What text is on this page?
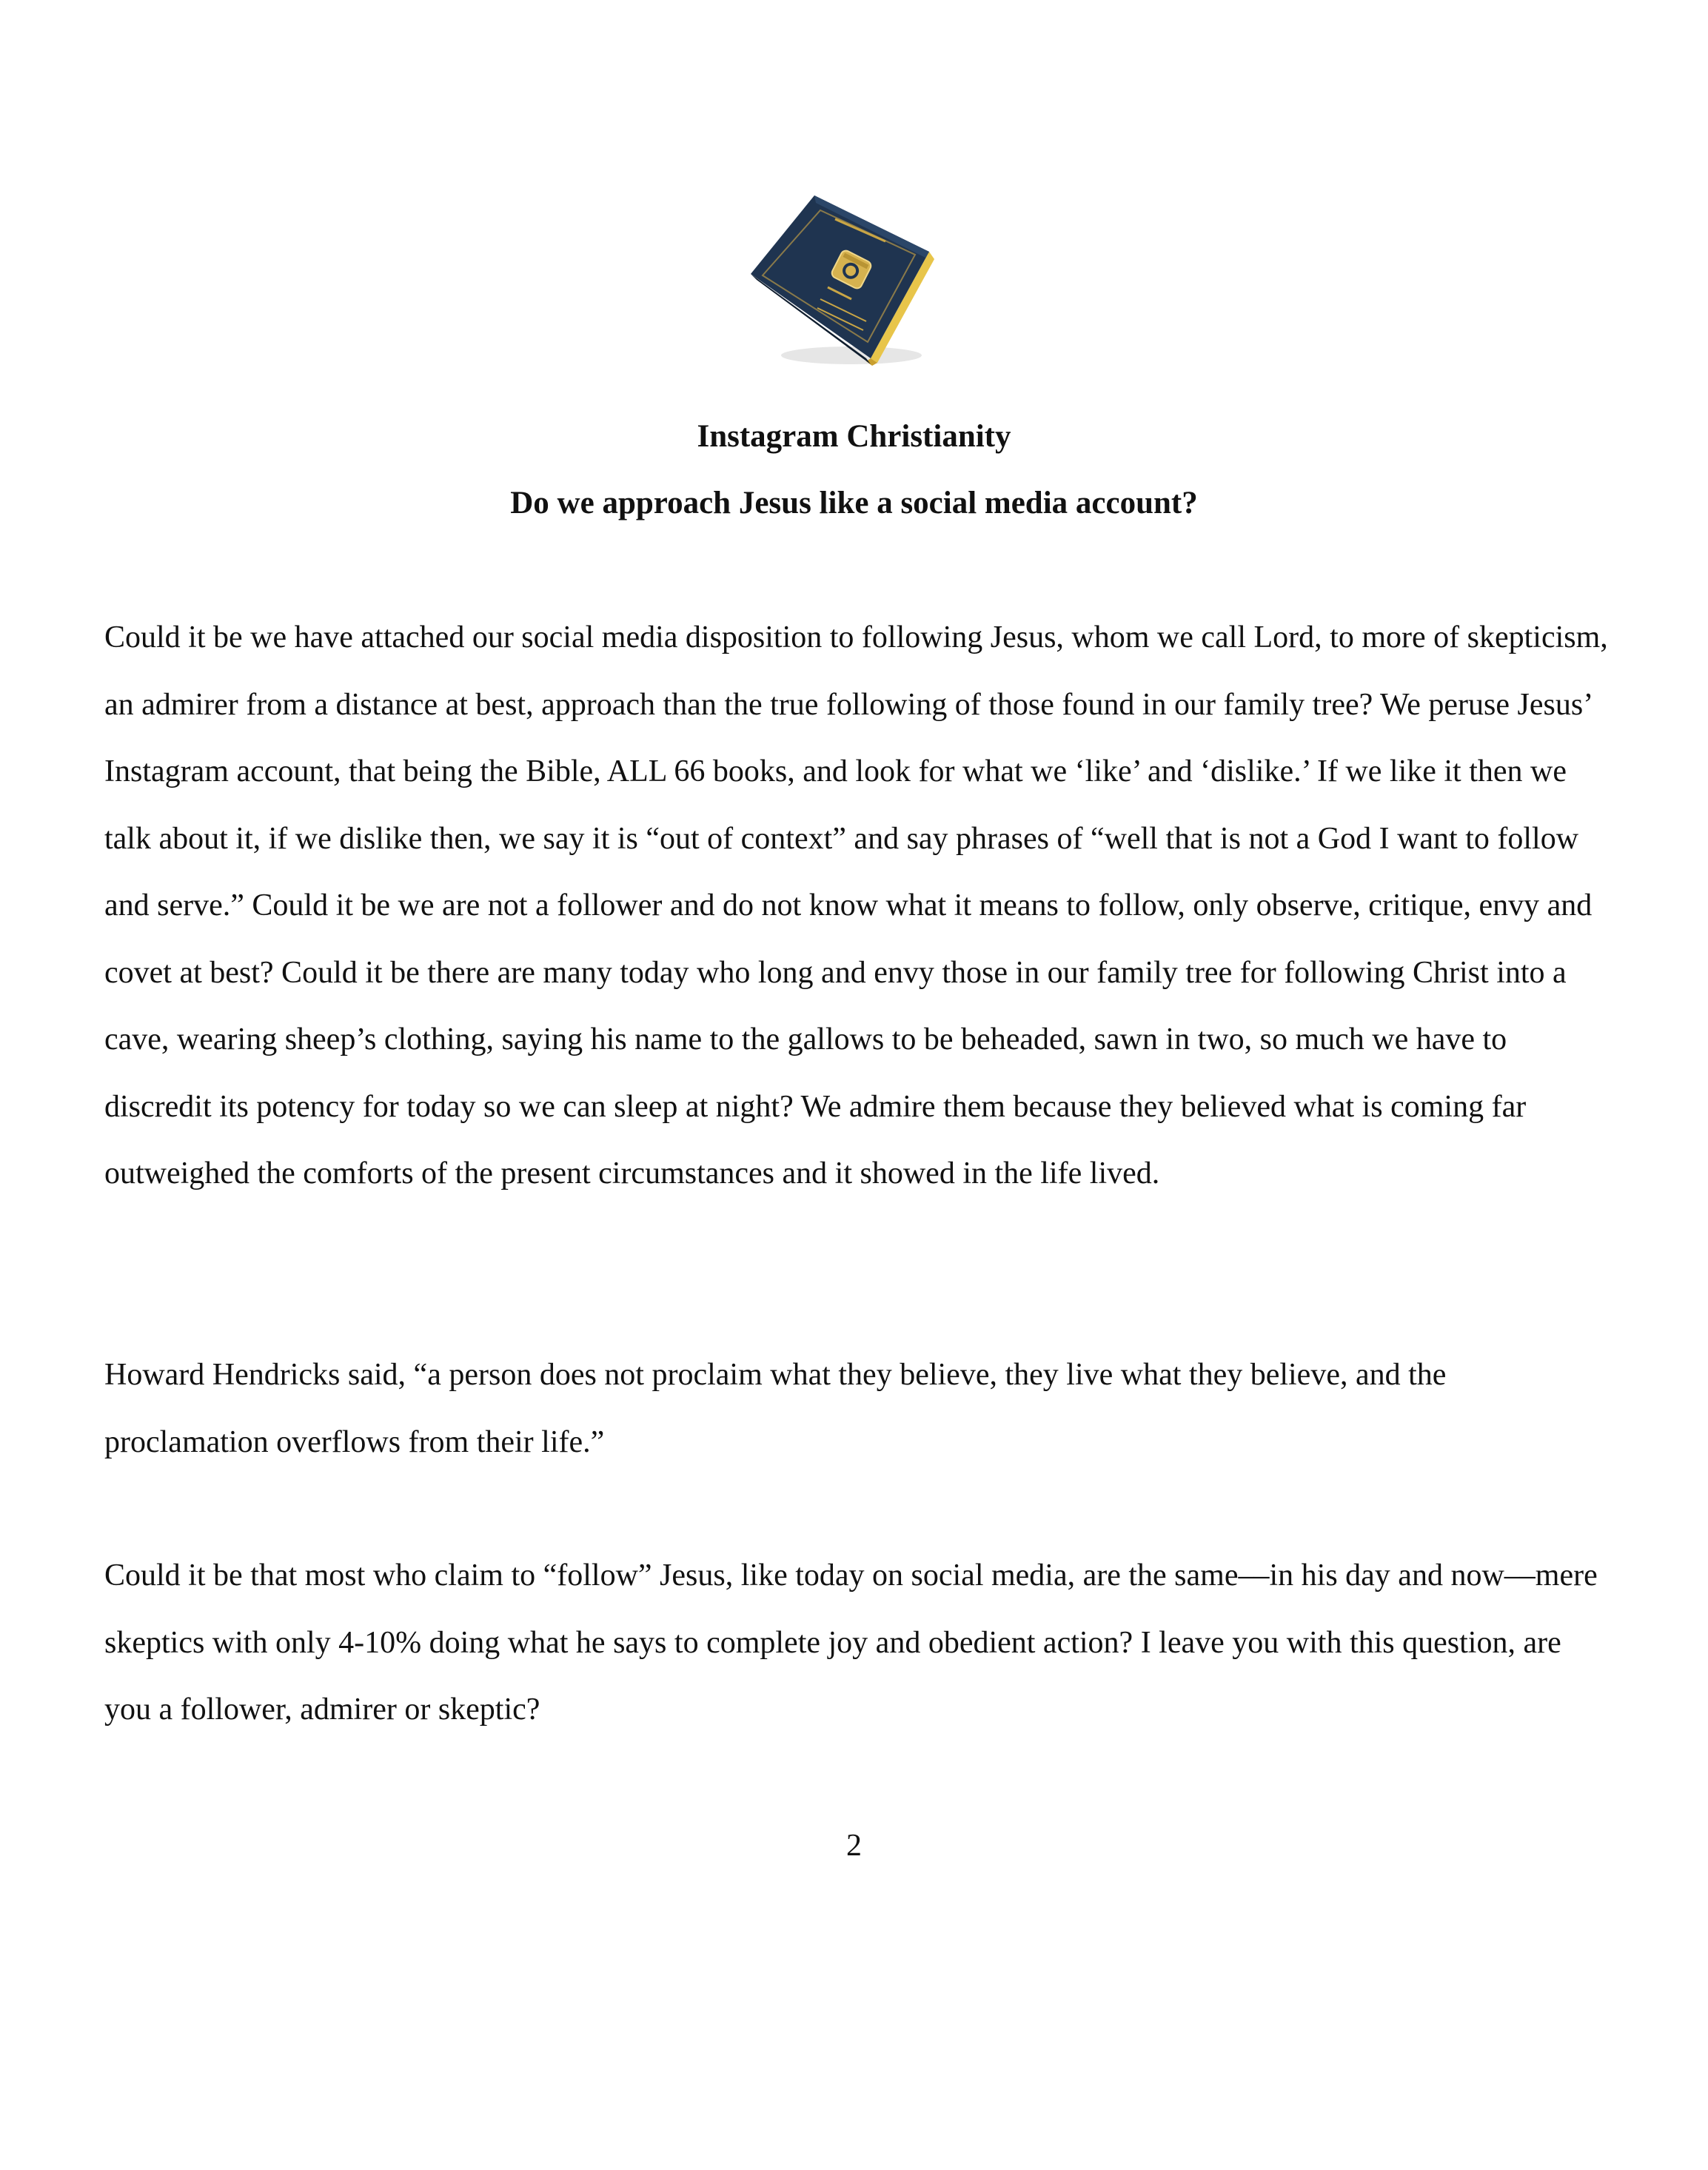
Instagram Christianity
Do we approach Jesus like a social media account?

Could it be we have attached our social media disposition to following Jesus, whom we call Lord, to more of skepticism, an admirer from a distance at best, approach than the true following of those found in our family tree? We peruse Jesus’ Instagram account, that being the Bible, ALL 66 books, and look for what we ‘like’ and ‘dislike.’ If we like it then we talk about it, if we dislike then, we say it is “out of context” and say phrases of “well that is not a God I want to follow and serve.” Could it be we are not a follower and do not know what it means to follow, only observe, critique, envy and covet at best? Could it be there are many today who long and envy those in our family tree for following Christ into a cave, wearing sheep’s clothing, saying his name to the gallows to be beheaded, sawn in two, so much we have to discredit its potency for today so we can sleep at night? We admire them because they believed what is coming far outweighed the comforts of the present circumstances and it showed in the life lived.

Howard Hendricks said, “a person does not proclaim what they believe, they live what they believe, and the proclamation overflows from their life.”

Could it be that most who claim to “follow” Jesus, like today on social media, are the same––in his day and now––mere skeptics with only 4-10% doing what he says to complete joy and obedient action? I leave you with this question, are you a follower, admirer or skeptic?

2
